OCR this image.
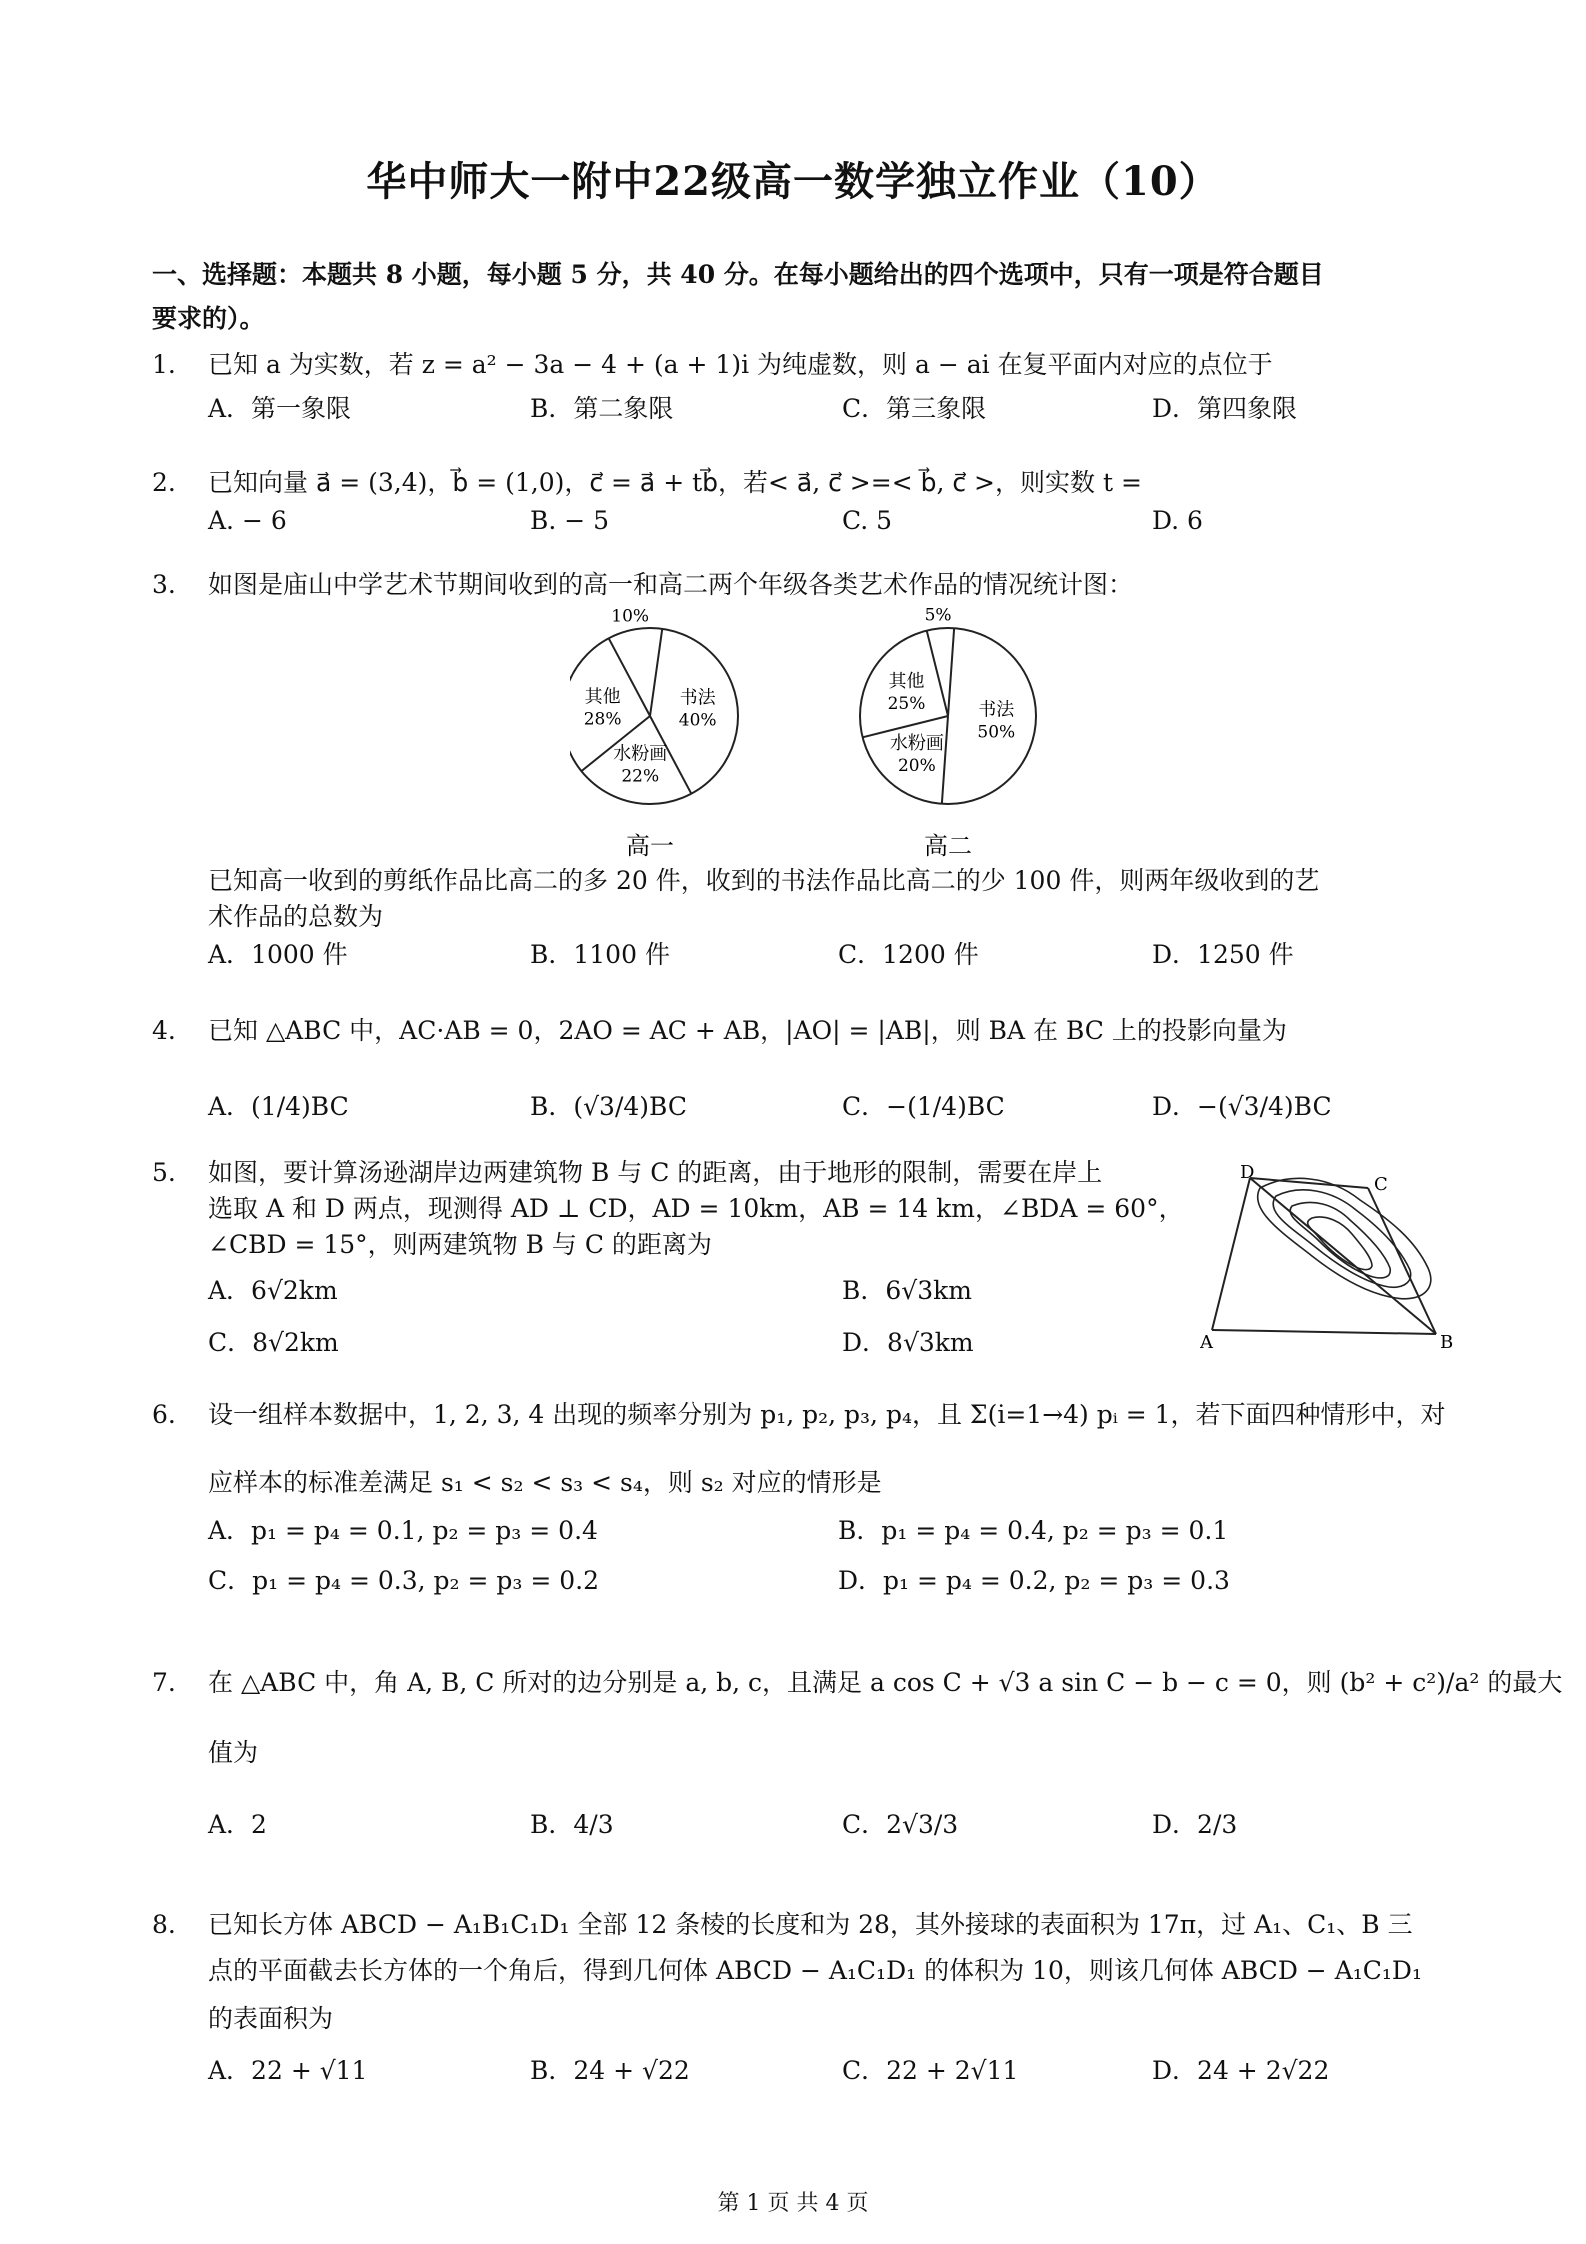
华中师大一附中22级高一数学独立作业（10）
一、选择题：本题共 8 小题，每小题 5 分，共 40 分。在每小题给出的四个选项中，只有一项是符合题目
要求的）。
1. 已知 a 为实数，若 z = a² − 3a − 4 + (a + 1)i 为纯虚数，则 a − ai 在复平面内对应的点位于
A．第一象限	B．第二象限	C．第三象限	D．第四象限
2. 已知向量 a⃗ = (3,4)，b⃗ = (1,0)，c⃗ = a⃗ + tb⃗，若< a⃗, c⃗ >=< b⃗, c⃗ >，则实数 t =
A. − 6	B. − 5	C. 5	D. 6
3. 如图是庙山中学艺术节期间收到的高一和高二两个年级各类艺术作品的情况统计图：
10%
书法
40%
水粉画
22%
其他
28%
5%
书法
50%
水粉画
20%
其他
25%
高一	高二
已知高一收到的剪纸作品比高二的多 20 件，收到的书法作品比高二的少 100 件，则两年级收到的艺
术作品的总数为
A．1000 件	B．1100 件	C．1200 件	D．1250 件
4. 已知 △ABC 中，AC·AB = 0，2AO = AC + AB，|AO| = |AB|，则 BA 在 BC 上的投影向量为
A．(1/4)BC	B．(√3/4)BC	C．−(1/4)BC	D．−(√3/4)BC
5. 如图，要计算汤逊湖岸边两建筑物 B 与 C 的距离，由于地形的限制，需要在岸上
选取 A 和 D 两点，现测得 AD ⊥ CD，AD = 10km，AB = 14 km，∠BDA = 60°，
∠CBD = 15°，则两建筑物 B 与 C 的距离为
A．6√2km	B．6√3km
C．8√2km	D．8√3km
D
C
A	B
6. 设一组样本数据中，1, 2, 3, 4 出现的频率分别为 p₁, p₂, p₃, p₄，且 Σ(i=1→4) pᵢ = 1，若下面四种情形中，对
应样本的标准差满足 s₁ < s₂ < s₃ < s₄，则 s₂ 对应的情形是
A．p₁ = p₄ = 0.1, p₂ = p₃ = 0.4	B．p₁ = p₄ = 0.4, p₂ = p₃ = 0.1
C．p₁ = p₄ = 0.3, p₂ = p₃ = 0.2	D．p₁ = p₄ = 0.2, p₂ = p₃ = 0.3
7. 在 △ABC 中，角 A, B, C 所对的边分别是 a, b, c，且满足 a cos C + √3 a sin C − b − c = 0，则 (b² + c²)/a² 的最大
值为
A．2	B．4/3	C．2√3/3	D．2/3
8. 已知长方体 ABCD − A₁B₁C₁D₁ 全部 12 条棱的长度和为 28，其外接球的表面积为 17π，过 A₁、C₁、B 三
点的平面截去长方体的一个角后，得到几何体 ABCD − A₁C₁D₁ 的体积为 10，则该几何体 ABCD − A₁C₁D₁
的表面积为
A．22 + √11	B．24 + √22	C．22 + 2√11	D．24 + 2√22
第 1 页 共 4 页
